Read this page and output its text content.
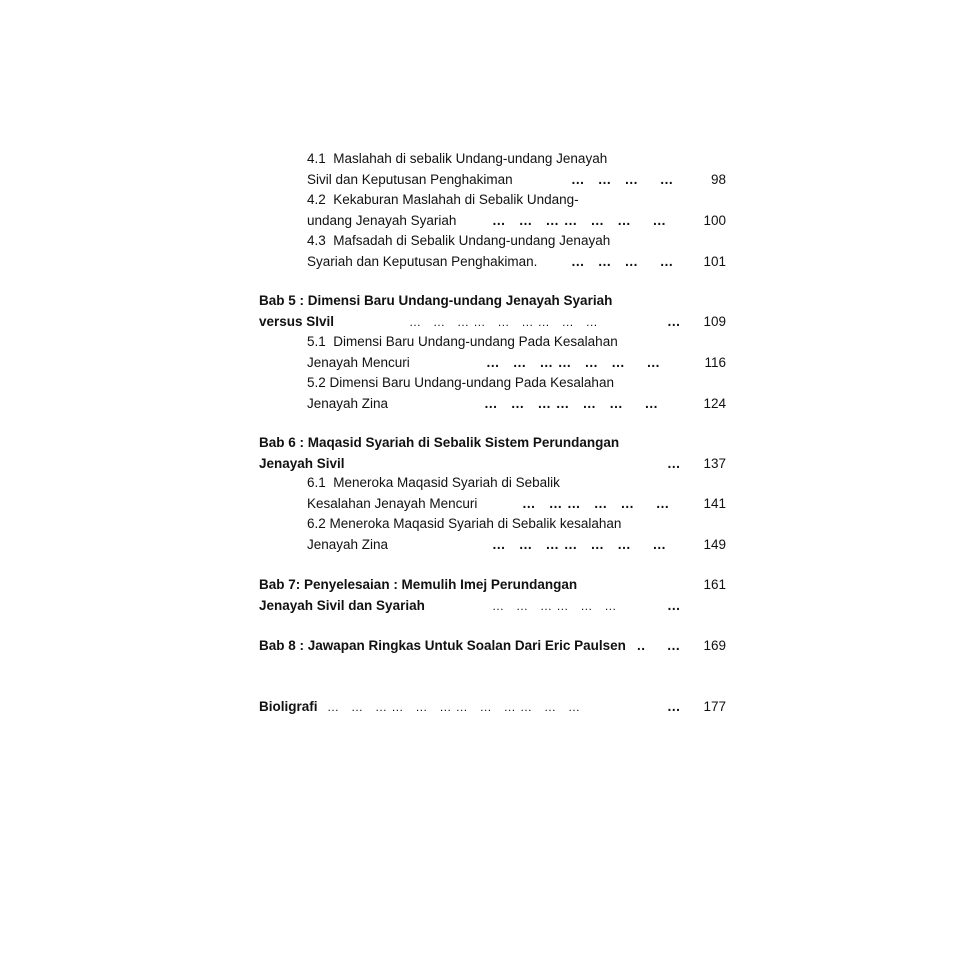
4.1  Maslahah di sebalik Undang-undang Jenayah
Sivil dan Keputusan Penghakiman	…   …   …     …	98
4.2  Kekaburan Maslahah di Sebalik Undang-
undang Jenayah Syariah	…   …   … …   …   …     …	100
4.3  Mafsadah di Sebalik Undang-undang Jenayah
Syariah dan Keputusan Penghakiman. …   …   …     …	101
Bab 5 : Dimensi Baru Undang-undang Jenayah Syariah
versus SIvil	…   …   … …   …   … …   …   …	…	109
5.1  Dimensi Baru Undang-undang Pada Kesalahan
Jenayah Mencuri	…   …   … …   …   …     …	116
5.2 Dimensi Baru Undang-undang Pada Kesalahan
Jenayah Zina	…   …   … …   …   …     …	124
Bab 6 : Maqasid Syariah di Sebalik Sistem Perundangan
Jenayah Sivil	…	137
6.1  Meneroka Maqasid Syariah di Sebalik
Kesalahan Jenayah Mencuri	…   … …   …   …     …	141
6.2 Meneroka Maqasid Syariah di Sebalik kesalahan
Jenayah Zina	…   …   … …   …   …     …	149
Bab 7: Penyelesaian : Memulih Imej Perundangan	161
Jenayah Sivil dan Syariah	…   …   … …   …   …	…
Bab 8 : Jawapan Ringkas Untuk Soalan Dari Eric Paulsen ..     …	169
Bioligrafi …   …   … …   …   … …   …   … …   …   …	…	177
